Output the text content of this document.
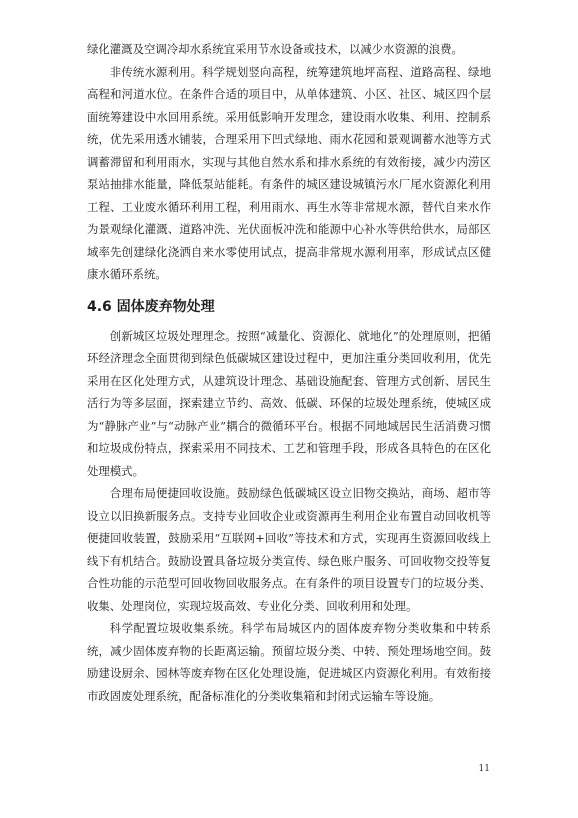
绿化灌溉及空调冷却水系统宜采用节水设备或技术，以减少水资源的浪费。

非传统水源利用。科学规划竖向高程，统筹建筑地坪高程、道路高程、绿地高程和河道水位。在条件合适的项目中，从单体建筑、小区、社区、城区四个层面统筹建设中水回用系统。采用低影响开发理念，建设雨水收集、利用、控制系统，优先采用透水铺装，合理采用下凹式绿地、雨水花园和景观调蓄水池等方式调蓄滞留和利用雨水，实现与其他自然水系和排水系统的有效衔接，减少内涝区泵站抽排水能量，降低泵站能耗。有条件的城区建设城镇污水厂尾水资源化利用工程、工业废水循环利用工程，利用雨水、再生水等非常规水源，替代自来水作为景观绿化灌溉、道路冲洗、光伏面板冲洗和能源中心补水等供给供水，局部区域率先创建绿化浇洒自来水零使用试点，提高非常规水源利用率，形成试点区健康水循环系统。

4.6 固体废弃物处理

创新城区垃圾处理理念。按照“减量化、资源化、就地化”的处理原则，把循环经济理念全面贯彻到绿色低碳城区建设过程中，更加注重分类回收利用，优先采用在区化处理方式，从建筑设计理念、基础设施配套、管理方式创新、居民生活行为等多层面，探索建立节约、高效、低碳、环保的垃圾处理系统，使城区成为“静脉产业”与“动脉产业”耦合的微循环平台。根据不同地域居民生活消费习惯和垃圾成份特点，探索采用不同技术、工艺和管理手段，形成各具特色的在区化处理模式。

合理布局便捷回收设施。鼓励绿色低碳城区设立旧物交换站，商场、超市等设立以旧换新服务点。支持专业回收企业或资源再生利用企业布置自动回收机等便捷回收装置，鼓励采用“互联网+回收”等技术和方式，实现再生资源回收线上线下有机结合。鼓励设置具备垃圾分类宣传、绿色账户服务、可回收物交投等复合性功能的示范型可回收物回收服务点。在有条件的项目设置专门的垃圾分类、收集、处理岗位，实现垃圾高效、专业化分类、回收利用和处理。

科学配置垃圾收集系统。科学布局城区内的固体废弃物分类收集和中转系统，减少固体废弃物的长距离运输。预留垃圾分类、中转、预处理场地空间。鼓励建设厨余、园林等废弃物在区化处理设施，促进城区内资源化利用。有效衔接市政固废处理系统，配备标准化的分类收集箱和封闭式运输车等设施。

11
